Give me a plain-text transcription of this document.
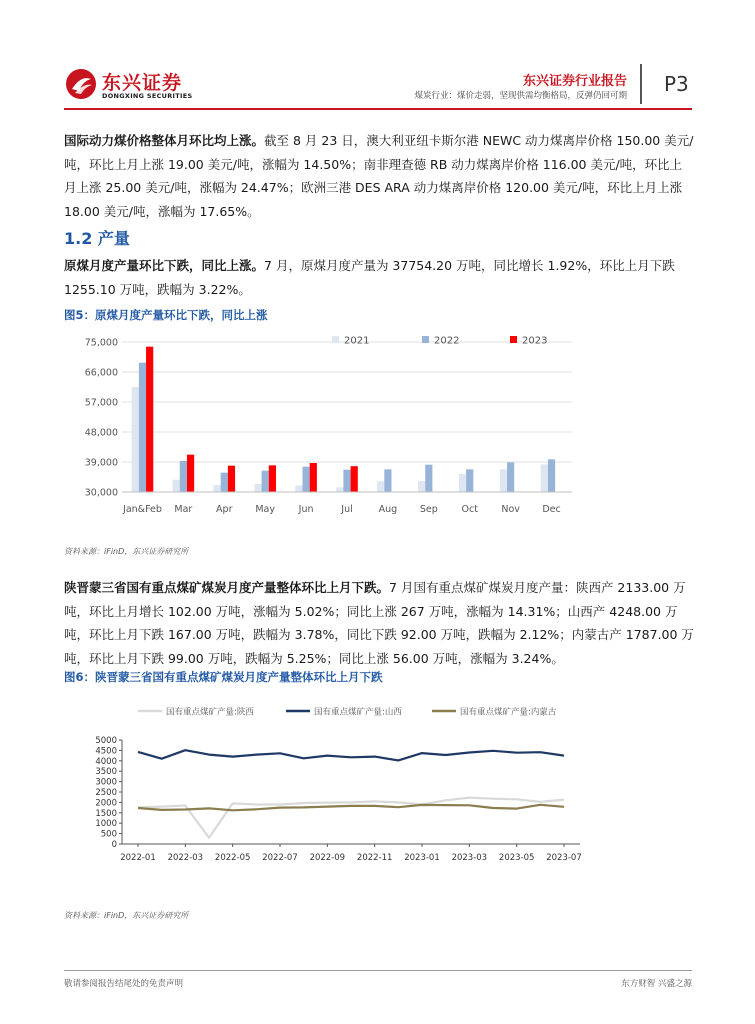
东兴证券
DONGXING SECURITIES
东兴证券行业报告
煤炭行业：煤价走弱，坚现供需均衡格局，反弹仍回可期 P3
国际动力煤价格整体月环比均上涨。截至 8 月 23 日，澳大利亚纽卡斯尔港 NEWC 动力煤离岸价格 150.00 美元/吨，环比上月上涨 19.00 美元/吨，涨幅为 14.50%；南非理查德 RB 动力煤离岸价格 116.00 美元/吨，环比上月上涨 25.00 美元/吨，涨幅为 24.47%；欧洲三港 DES ARA 动力煤离岸价格 120.00 美元/吨，环比上月上涨 18.00 美元/吨，涨幅为 17.65%。
1.2 产量
原煤月度产量环比下跌，同比上涨。7 月，原煤月度产量为 37754.20 万吨，同比增长 1.92%，环比上月下跌 1255.10 万吨，跌幅为 3.22%。
图5：原煤月度产量环比下跌，同比上涨
30,000
39,000
48,000
57,000
66,000
75,000
Jan&Feb Mar Apr May Jun	Jul	Aug Sep Oct Nov Dec
2021	2022	2023
资料来源：iFinD，东兴证券研究所
陕晋蒙三省国有重点煤矿煤炭月度产量整体环比上月下跌。7 月国有重点煤矿煤炭月度产量：陕西产 2133.00 万吨，环比上月增长 102.00 万吨，涨幅为 5.02%；同比上涨 267 万吨，涨幅为 14.31%；山西产 4248.00 万吨，环比上月下跌 167.00 万吨，跌幅为 3.78%，同比下跌 92.00 万吨，跌幅为 2.12%；内蒙古产 1787.00 万吨，环比上月下跌 99.00 万吨，跌幅为 5.25%；同比上涨 56.00 万吨，涨幅为 3.24%。
图6：陕晋蒙三省国有重点煤矿煤炭月度产量整体环比上月下跌
国有重点煤矿产量:陕西	国有重点煤矿产量:山西	国有重点煤矿产量:内蒙古
0
500
1000
1500
2000
2500
3000
3500
4000
4500
5000
2022-01 2022-03 2022-05 2022-07 2022-09 2022-11 2023-01 2023-03 2023-05 2023-07
资料来源：iFinD，东兴证券研究所
敬请参阅报告结尾处的免责声明	东方财智 兴盛之源
